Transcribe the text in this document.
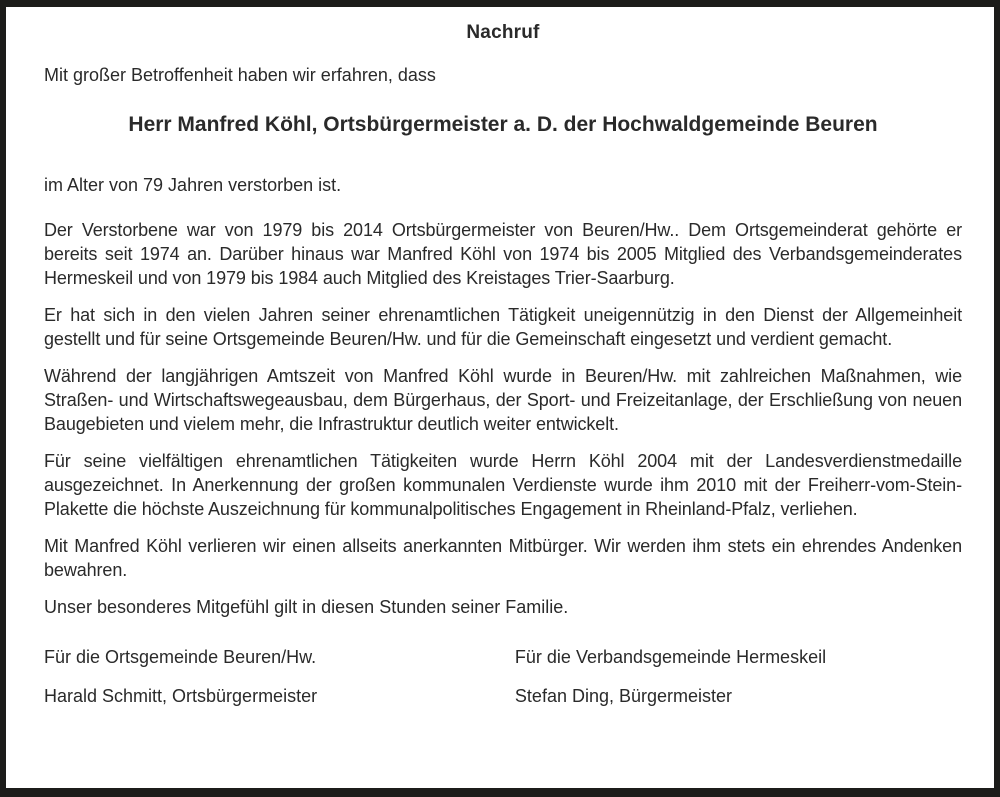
Nachruf

Mit großer Betroffenheit haben wir erfahren, dass

Herr Manfred Köhl, Ortsbürgermeister a. D. der Hochwaldgemeinde Beuren

im Alter von 79 Jahren verstorben ist.

Der Verstorbene war von 1979 bis 2014 Ortsbürgermeister von Beuren/Hw.. Dem Ortsgemeinderat gehörte er bereits seit 1974 an. Darüber hinaus war Manfred Köhl von 1974 bis 2005 Mitglied des Verbandsgemeinderates Hermeskeil und von 1979 bis 1984 auch Mitglied des Kreistages Trier-Saarburg.

Er hat sich in den vielen Jahren seiner ehrenamtlichen Tätigkeit uneigennützig in den Dienst der Allgemeinheit gestellt und für seine Ortsgemeinde Beuren/Hw. und für die Gemeinschaft eingesetzt und verdient gemacht.

Während der langjährigen Amtszeit von Manfred Köhl wurde in Beuren/Hw. mit zahlreichen Maßnahmen, wie Straßen- und Wirtschaftswegeausbau, dem Bürgerhaus, der Sport- und Freizeitanlage, der Erschließung von neuen Baugebieten und vielem mehr, die Infrastruktur deutlich weiter entwickelt.

Für seine vielfältigen ehrenamtlichen Tätigkeiten wurde Herrn Köhl 2004 mit der Landesverdienstmedaille ausgezeichnet. In Anerkennung der großen kommunalen Verdienste wurde ihm 2010 mit der Freiherr-vom-Stein-Plakette die höchste Auszeichnung für kommunalpolitisches Engagement in Rheinland-Pfalz, verliehen.

Mit Manfred Köhl verlieren wir einen allseits anerkannten Mitbürger. Wir werden ihm stets ein ehrendes Andenken bewahren.

Unser besonderes Mitgefühl gilt in diesen Stunden seiner Familie.

Für die Ortsgemeinde Beuren/Hw.
Harald Schmitt, Ortsbürgermeister
Für die Verbandsgemeinde Hermeskeil
Stefan Ding, Bürgermeister
